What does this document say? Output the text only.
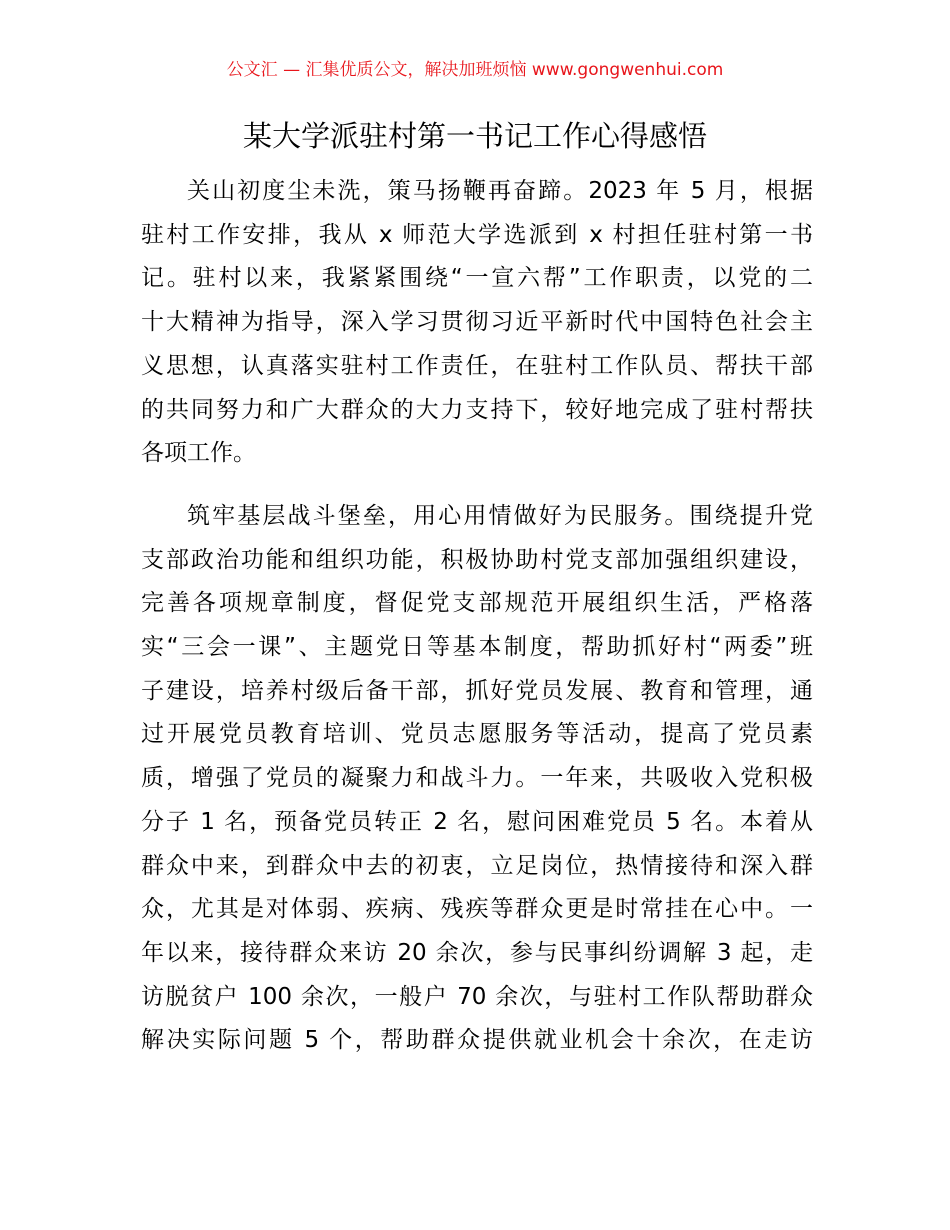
公文汇 — 汇集优质公文，解决加班烦恼 www.gongwenhui.com
某大学派驻村第一书记工作心得感悟
关山初度尘未洗，策马扬鞭再奋蹄。2023 年 5 月，根据
驻村工作安排，我从 x 师范大学选派到 x 村担任驻村第一书
记。驻村以来，我紧紧围绕“一宣六帮”工作职责，以党的二
十大精神为指导，深入学习贯彻习近平新时代中国特色社会主
义思想，认真落实驻村工作责任，在驻村工作队员、帮扶干部
的共同努力和广大群众的大力支持下，较好地完成了驻村帮扶
各项工作。
筑牢基层战斗堡垒，用心用情做好为民服务。围绕提升党
支部政治功能和组织功能，积极协助村党支部加强组织建设，
完善各项规章制度，督促党支部规范开展组织生活，严格落
实“三会一课”、主题党日等基本制度，帮助抓好村“两委”班
子建设，培养村级后备干部，抓好党员发展、教育和管理，通
过开展党员教育培训、党员志愿服务等活动，提高了党员素
质，增强了党员的凝聚力和战斗力。一年来，共吸收入党积极
分子 1 名，预备党员转正 2 名，慰问困难党员 5 名。本着从
群众中来，到群众中去的初衷，立足岗位，热情接待和深入群
众，尤其是对体弱、疾病、残疾等群众更是时常挂在心中。一
年以来，接待群众来访 20 余次，参与民事纠纷调解 3 起，走
访脱贫户 100 余次，一般户 70 余次，与驻村工作队帮助群众
解决实际问题 5 个，帮助群众提供就业机会十余次，在走访
